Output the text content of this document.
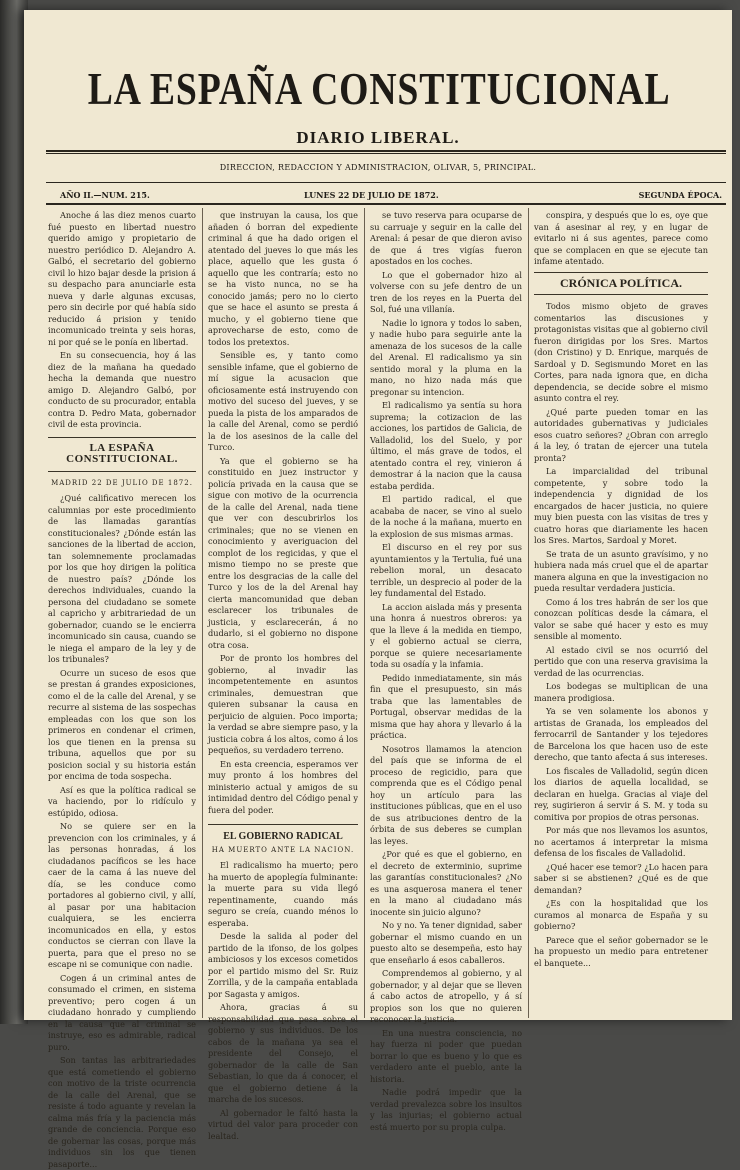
LA ESPAÑA CONSTITUCIONAL
DIARIO LIBERAL.
DIRECCION, REDACCION Y ADMINISTRACION, OLIVAR, 5, PRINCIPAL.
AÑO II.—NUM. 215.	LUNES 22 DE JULIO DE 1872.	SEGUNDA ÉPOCA.

Anoche á las diez menos cuarto fué puesto en libertad nuestro querido amigo y propietario de nuestro periódico D. Alejandro A. Galbó, el secretario del gobierno civil lo hizo bajar desde la prision á su despacho para anunciarle esta nueva y darle algunas excusas, pero sin decirle por qué había sido reducido á prision y tenido incomunicado treinta y seis horas, ni por qué se le ponía en libertad.

En su consecuencia, hoy á las diez de la mañana ha quedado hecha la demanda que nuestro amigo D. Alejandro Galbó, por conducto de su procurador, entabla contra D. Pedro Mata, gobernador civil de esta provincia.

LA ESPAÑA CONSTITUCIONAL.
MADRID 22 DE JULIO DE 1872.

¿Qué calificativo merecen los calumnias por este procedimiento de las llamadas garantías constitucionales? ¿Dónde están las sanciones de la libertad de accion, tan solemnemente proclamadas por los que hoy dirigen la política de nuestro país? ¿Dónde los derechos individuales, cuando la persona del ciudadano se somete al capricho y arbitrariedad de un gobernador, cuando se le encierra incomunicado sin causa, cuando se le niega el amparo de la ley y de los tribunales?

Ocurre un suceso de esos que se prestan á grandes exposiciones, como el de la calle del Arenal, y se recurre al sistema de las sospechas empleadas con los que son los primeros en condenar el crimen, los que tienen en la prensa su tribuna, aquellos que por su posicion social y su historia están por encima de toda sospecha.

Así es que la política radical se va haciendo, por lo ridículo y estúpido, odiosa.

No se quiere ser en la prevencion con los criminales, y á las personas honradas, á los ciudadanos pacíficos se les hace caer de la cama á las nueve del día, se les conduce como portadores al gobierno civil, y allí, al pasar por una habitacion cualquiera, se les encierra incomunicados en ella, y estos conductos se cierran con llave la puerta, para que el preso no se escape ni se comunique con nadie.

Cogen á un criminal antes de consumado el crimen, en sistema preventivo; pero cogen á un ciudadano honrado y cumpliendo en la causa que al criminal se instruye, eso es admirable, radical puro.

Son tantas las arbitrariedades que está cometiendo el gobierno con motivo de la triste ocurrencia de la calle del Arenal, que se resiste á todo aguante y revelan la calma más fría y la paciencia más grande de conciencia. Porque eso de gobernar las cosas, porque más individuos sin los que tienen pasaporte...

que instruyan la causa, los que añaden ó borran del expediente criminal á que ha dado origen el atentado del jueves lo que más les place, aquello que les gusta ó aquello que les contraría; esto no se ha visto nunca, no se ha conocido jamás; pero no lo cierto que se hace el asunto se presta á mucho, y el gobierno tiene que aprovecharse de esto, como de todos los pretextos.

Sensible es, y tanto como sensible infame, que el gobierno de mí sigue la acusacion que oficiosamente está instruyendo con motivo del suceso del jueves, y se pueda la pista de los amparados de la calle del Arenal, como se perdió la de los asesinos de la calle del Turco.

Ya que el gobierno se ha constituido en juez instructor y policía privada en la causa que se sigue con motivo de la ocurrencia de la calle del Arenal, nada tiene que ver con descubrirlos los criminales; que no se vienen en conocimiento y averiguacion del complot de los regicidas, y que el mismo tiempo no se preste que entre los desgracias de la calle del Turco y los de la del Arenal hay cierta mancomunidad que deban esclarecer los tribunales de justicia, y esclarecerán, á no dudarlo, si el gobierno no dispone otra cosa.

Por de pronto los hombres del gobierno, al invadir las incompetentemente en asuntos criminales, demuestran que quieren subsanar la causa en perjuicio de alguien. Poco importa; la verdad se abre siempre paso, y la justicia cobra á los altos, como á los pequeños, su verdadero terreno.

En esta creencia, esperamos ver muy pronto á los hombres del ministerio actual y amigos de su intimidad dentro del Código penal y fuera del poder.

EL GOBIERNO RADICAL
HA MUERTO ANTE LA NACION.

El radicalismo ha muerto; pero ha muerto de apoplegía fulminante: la muerte para su vida llegó repentinamente, cuando más seguro se creía, cuando ménos lo esperaba.

Desde la salida al poder del partido de la ifonso, de los golpes ambiciosos y los excesos cometidos por el partido mismo del Sr. Ruiz Zorrilla, y de la campaña entablada por Sagasta y amigos.

Ahora, gracias á su responsabilidad que pesa sobre el gobierno y sus individuos. De los cabos de la mañana ya sea el presidente del Consejo, el gobernador de la calle de San Sebastian, lo que da á conocer, el que el gobierno detiene á la marcha de los sucesos.

Al gobernador le faltó hasta la virtud del valor para proceder con lealtad.

se tuvo reserva para ocuparse de su carruaje y seguir en la calle del Arenal: á pesar de que dieron aviso de que á tres vigías fueron apostados en los coches.

Lo que el gobernador hizo al volverse con su jefe dentro de un tren de los reyes en la Puerta del Sol, fué una villanía.

Nadie lo ignora y todos lo saben, y nadie hubo para seguirle ante la amenaza de los sucesos de la calle del Arenal. El radicalismo ya sin sentido moral y la pluma en la mano, no hizo nada más que pregonar su intencion.

El radicalismo ya sentía su hora suprema; la cotizacion de las acciones, los partidos de Galicia, de Valladolid, los del Suelo, y por último, el más grave de todos, el atentado contra el rey, vinieron á demostrar á la nacion que la causa estaba perdida.

El partido radical, el que acababa de nacer, se vino al suelo de la noche á la mañana, muerto en la explosion de sus mismas armas.

El discurso en el rey por sus ayuntamientos y la Tertulia, fué una rebelion moral, un desacato terrible, un desprecio al poder de la ley fundamental del Estado.

La accion aislada más y presenta una honra á nuestros obreros: ya que la lleve á la medida en tiempo, y el gobierno actual se cierra, porque se quiere necesariamente toda su osadía y la infamia.

Pedido inmediatamente, sin más fin que el presupuesto, sin más traba que las lamentables de Portugal, observar medidas de la misma que hay ahora y llevarlo á la práctica.

Nosotros llamamos la atencion del país que se informa de el proceso de regicidio, para que comprenda que es el Código penal hoy un artículo para las instituciones públicas, que en el uso de sus atribuciones dentro de la órbita de sus deberes se cumplan las leyes.

¿Por qué es que el gobierno, en el decreto de exterminio, suprime las garantías constitucionales? ¿No es una asquerosa manera el tener en la mano al ciudadano más inocente sin juicio alguno?

No y no. Ya tener dignidad, saber gobernar el mismo cuando en un puesto alto se desempeña, esto hay que enseñarlo á esos caballeros.

Comprendemos al gobierno, y al gobernador, y al dejar que se lleven á cabo actos de atropello, y á sí propios son los que no quieren reconocer la justicia.

En una nuestra consciencia, no hay fuerza ni poder que puedan borrar lo que es bueno y lo que es verdadero ante el pueblo, ante la historia.

Nadie podrá impedir que la verdad prevalezca sobre los insultos y las injurias; el gobierno actual está muerto por su propia culpa.

conspira, y después que lo es, oye que van á asesinar al rey, y en lugar de evitarlo ni á sus agentes, parece como que se complacen en que se ejecute tan infame atentado.

CRÓNICA POLÍTICA.

Todos mismo objeto de graves comentarios las discusiones y protagonistas visitas que al gobierno civil fueron dirigidas por los Sres. Martos (don Cristino) y D. Enrique, marqués de Sardoal y D. Segismundo Moret en las Cortes, para nada ignora que, en dicha dependencia, se decide sobre el mismo asunto contra el rey.

¿Qué parte pueden tomar en las autoridades gubernativas y judiciales esos cuatro señores? ¿Obran con arreglo á la ley, ó tratan de ejercer una tutela pronta?

La imparcialidad del tribunal competente, y sobre todo la independencia y dignidad de los encargados de hacer justicia, no quiere muy bien puesta con las visitas de tres y cuatro horas que diariamente les hacen los Sres. Martos, Sardoal y Moret.

Se trata de un asunto gravísimo, y no hubiera nada más cruel que el de apartar manera alguna en que la investigacion no pueda resultar verdadera justicia.

Como á los tres habrán de ser los que conozcan políticas desde la cámara, el valor se sabe qué hacer y esto es muy sensible al momento.

Al estado civil se nos ocurrió del pertido que con una reserva gravisima la verdad de las ocurrencias.

Los bodegas se multiplican de una manera prodigiosa.

Ya se ven solamente los abonos y artistas de Granada, los empleados del ferrocarril de Santander y los tejedores de Barcelona los que hacen uso de este derecho, que tanto afecta á sus intereses.

Los fiscales de Valladolid, según dicen los diarios de aquella localidad, se declaran en huelga. Gracias al viaje del rey, sugirieron á servir á S. M. y toda su comitiva por propios de otras personas.

Por más que nos llevamos los asuntos, no acertamos á interpretar la misma defensa de los fiscales de Valladolid.

¿Qué hacer ese temor? ¿Lo hacen para saber si se abstienen? ¿Qué es de que demandan?

¿Es con la hospitalidad que los curamos al monarca de España y su gobierno?

Parece que el señor gobernador se le ha propuesto un medio para entretener el banquete...
